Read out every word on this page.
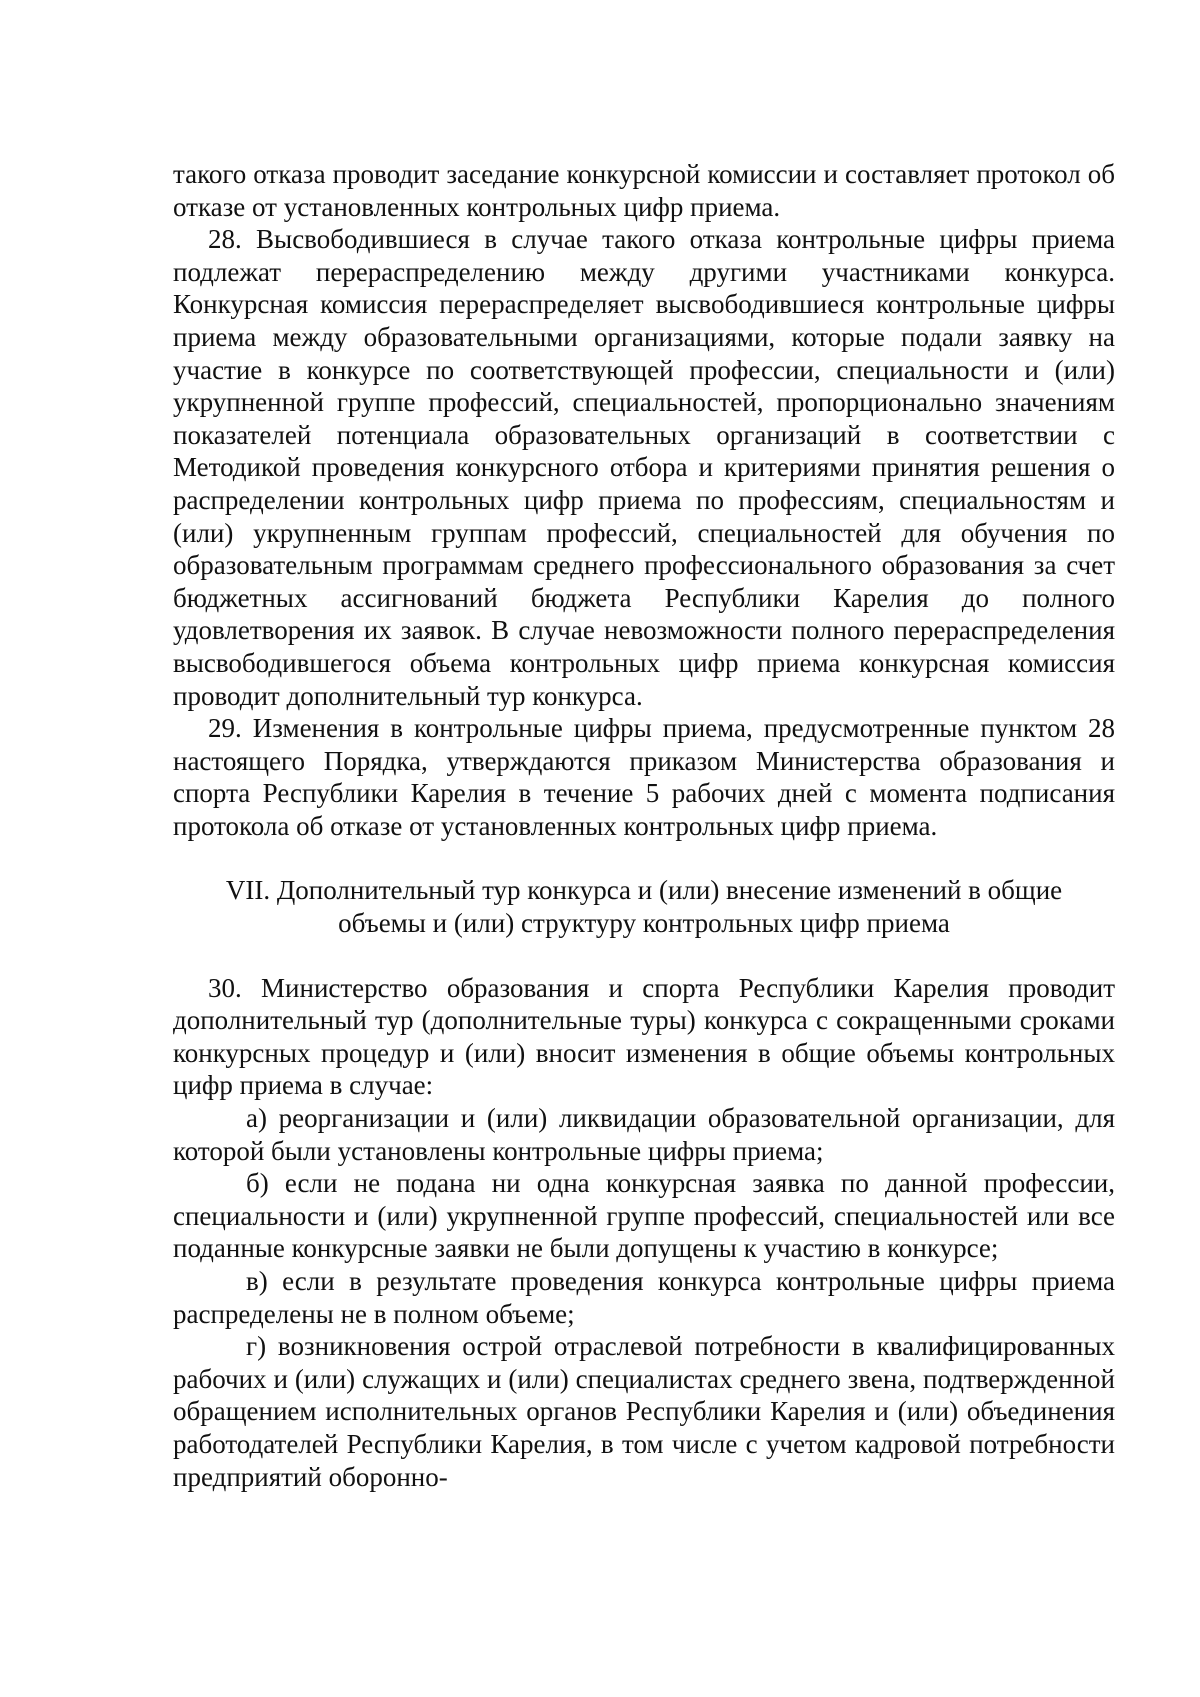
такого отказа проводит заседание конкурсной комиссии и составляет протокол об отказе от установленных контрольных цифр приема.

28. Высвободившиеся в случае такого отказа контрольные цифры приема подлежат перераспределению между другими участниками конкурса. Конкурсная комиссия перераспределяет высвободившиеся контрольные цифры приема между образовательными организациями, которые подали заявку на участие в конкурсе по соответствующей профессии, специальности и (или) укрупненной группе профессий, специальностей, пропорционально значениям показателей потенциала образовательных организаций в соответствии с Методикой проведения конкурсного отбора и критериями принятия решения о распределении контрольных цифр приема по профессиям, специальностям и (или) укрупненным группам профессий, специальностей для обучения по образовательным программам среднего профессионального образования за счет бюджетных ассигнований бюджета Республики Карелия до полного удовлетворения их заявок. В случае невозможности полного перераспределения высвободившегося объема контрольных цифр приема конкурсная комиссия проводит дополнительный тур конкурса.

29. Изменения в контрольные цифры приема, предусмотренные пунктом 28 настоящего Порядка, утверждаются приказом Министерства образования и спорта Республики Карелия в течение 5 рабочих дней с момента подписания протокола об отказе от установленных контрольных цифр приема.

VII. Дополнительный тур конкурса и (или) внесение изменений в общие
объемы и (или) структуру контрольных цифр приема

30. Министерство образования и спорта Республики Карелия проводит дополнительный тур (дополнительные туры) конкурса с сокращенными сроками конкурсных процедур и (или) вносит изменения в общие объемы контрольных цифр приема в случае:

а) реорганизации и (или) ликвидации образовательной организации, для которой были установлены контрольные цифры приема;

б) если не подана ни одна конкурсная заявка по данной профессии, специальности и (или) укрупненной группе профессий, специальностей или все поданные конкурсные заявки не были допущены к участию в конкурсе;

в) если в результате проведения конкурса контрольные цифры приема распределены не в полном объеме;

г) возникновения острой отраслевой потребности в квалифицированных рабочих и (или) служащих и (или) специалистах среднего звена, подтвержденной обращением исполнительных органов Республики Карелия и (или) объединения работодателей Республики Карелия, в том числе с учетом кадровой потребности предприятий оборонно-
